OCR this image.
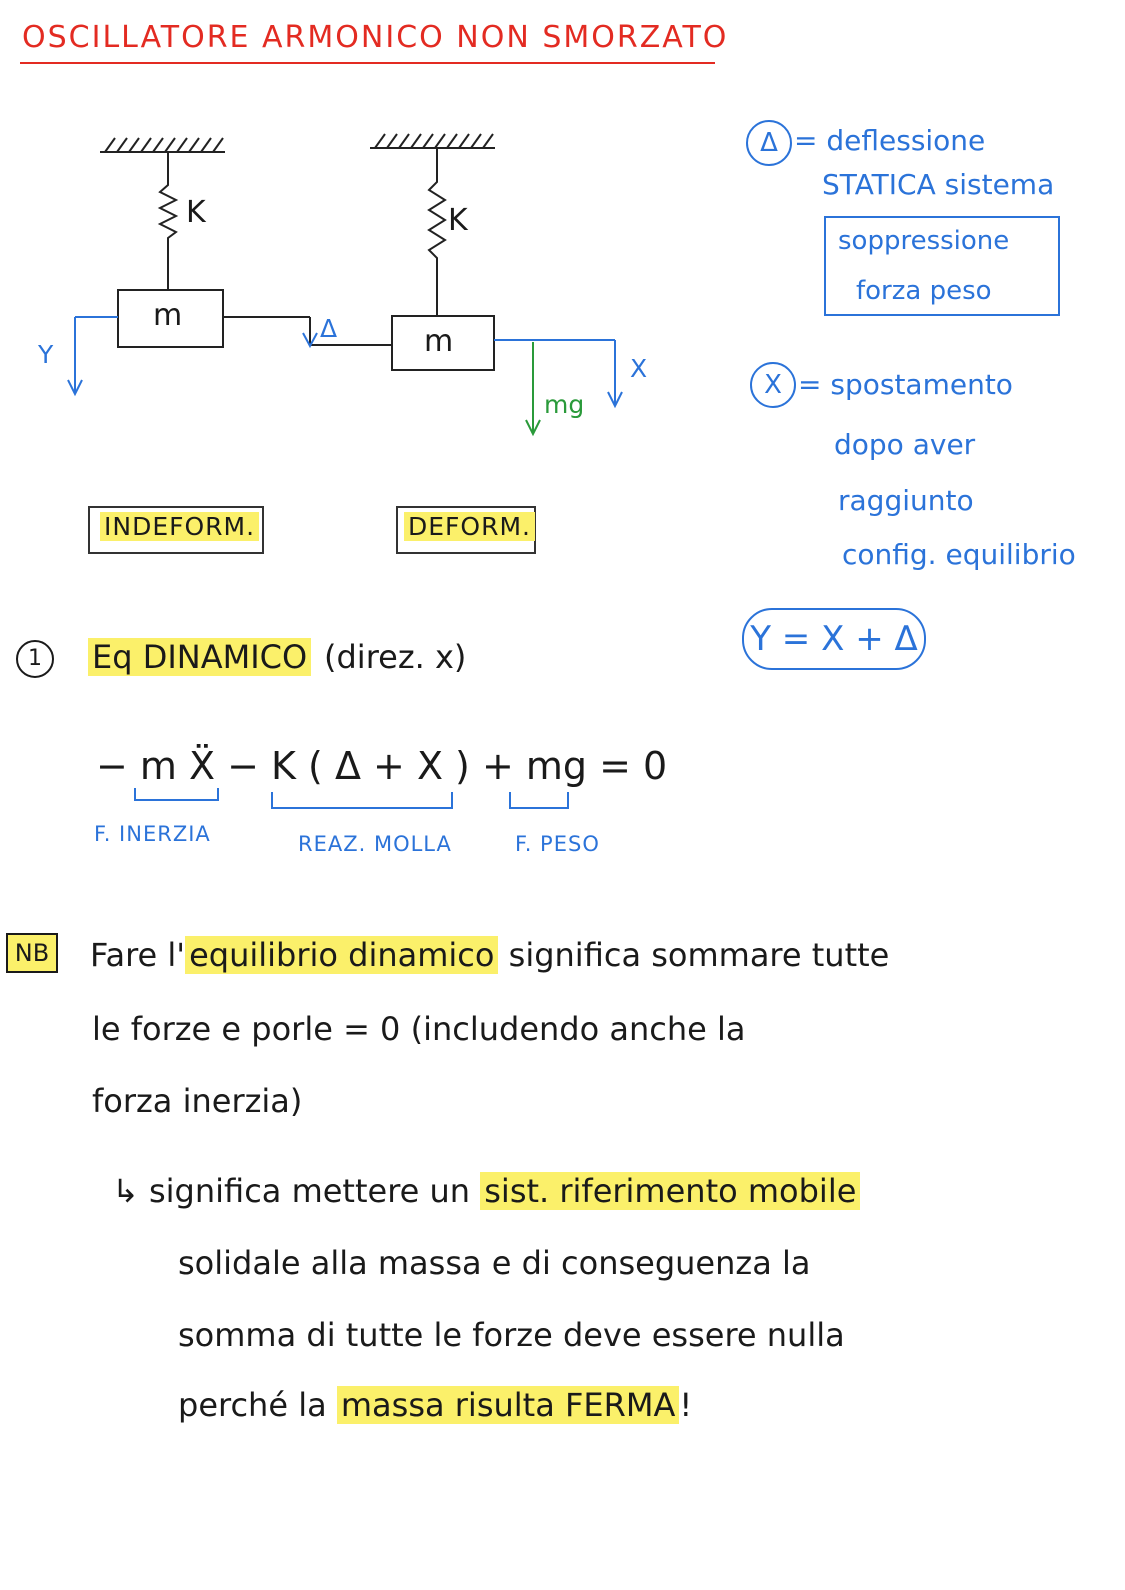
OSCILLATORE ARMONICO NON SMORZATO
K	K
m
m
Δ
Y	X
mg
INDEFORM.	DEFORM.
Δ = deflessione
STATICA sistema
soppressione
forza peso
X = spostamento
dopo aver
raggiunto
config. equilibrio
Y = X + Δ
1	Eq DINAMICO (direz. x)
− m Ẍ − K ( Δ + X ) + mg = 0
F. INERZIA	REAZ. MOLLA	F. PESO
NB Fare l' equilibrio dinamico significa sommare tutte
le forze e porle = 0 (includendo anche la
forza inerzia)
↳ significa mettere un sist. riferimento mobile
solidale alla massa e di conseguenza la
somma di tutte le forze deve essere nulla
perché la massa risulta FERMA !
